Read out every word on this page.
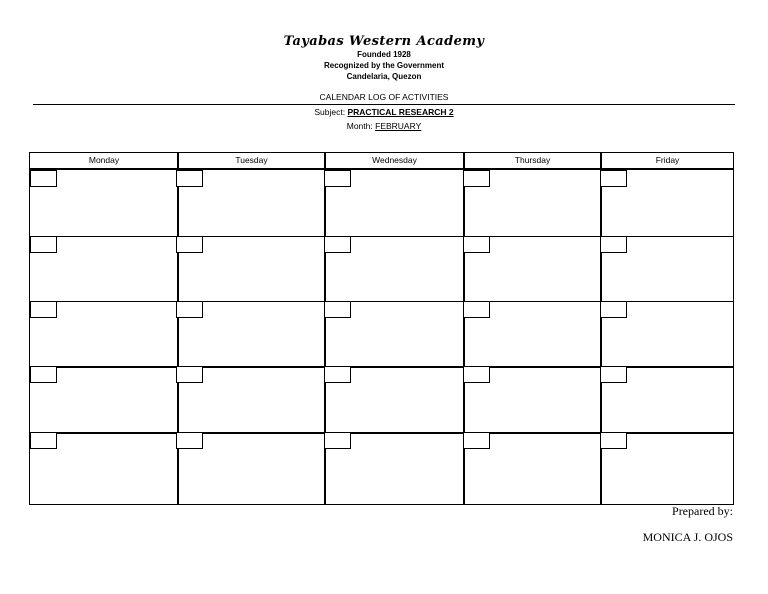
Tayabas Western Academy
Founded 1928
Recognized by the Government
Candelaria, Quezon
CALENDAR LOG OF ACTIVITIES
Subject: PRACTICAL RESEARCH 2
Month: FEBRUARY
Monday	Tuesday	Wednesday	Thursday	Friday
Prepared by:
MONICA J. OJOS
